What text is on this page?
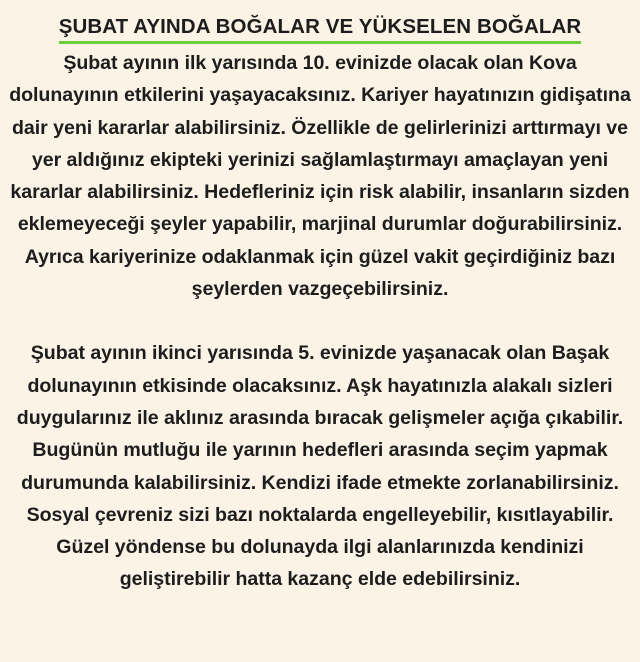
ŞUBAT AYINDA BOĞALAR VE YÜKSELEN BOĞALAR

Şubat ayının ilk yarısında 10. evinizde olacak olan Kova dolunayının etkilerini yaşayacaksınız. Kariyer hayatınızın gidişatına dair yeni kararlar alabilirsiniz. Özellikle de gelirlerinizi arttırmayı ve yer aldığınız ekipteki yerinizi sağlamlaştırmayı amaçlayan yeni kararlar alabilirsiniz. Hedefleriniz için risk alabilir, insanların sizden eklemeyeceği şeyler yapabilir, marjinal durumlar doğurabilirsiniz. Ayrıca kariyerinize odaklanmak için güzel vakit geçirdiğiniz bazı şeylerden vazgeçebilirsiniz.

Şubat ayının ikinci yarısında 5. evinizde yaşanacak olan Başak dolunayının etkisinde olacaksınız. Aşk hayatınızla alakalı sizleri duygularınız ile aklınız arasında bıracak gelişmeler açığa çıkabilir. Bugünün mutluğu ile yarının hedefleri arasında seçim yapmak durumunda kalabilirsiniz. Kendizi ifade etmekte zorlanabilirsiniz. Sosyal çevreniz sizi bazı noktalarda engelleyebilir, kısıtlayabilir. Güzel yöndense bu dolunayda ilgi alanlarınızda kendinizi geliştirebilir hatta kazanç elde edebilirsiniz.
